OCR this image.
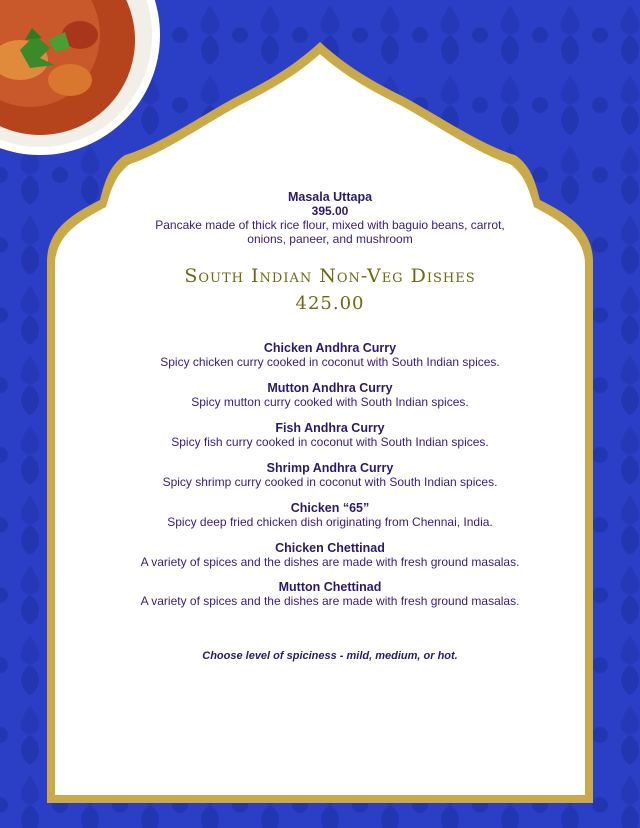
Masala Uttapa
395.00
Pancake made of thick rice flour, mixed with baguio beans, carrot,
onions, paneer, and mushroom
South Indian Non-Veg Dishes
425.00
Chicken Andhra Curry
Spicy chicken curry cooked in coconut with South Indian spices.
Mutton Andhra Curry
Spicy mutton curry cooked with South Indian spices.
Fish Andhra Curry
Spicy fish curry cooked in coconut with South Indian spices.
Shrimp Andhra Curry
Spicy shrimp curry cooked in coconut with South Indian spices.
Chicken “65”
Spicy deep fried chicken dish originating from Chennai, India.
Chicken Chettinad
A variety of spices and the dishes are made with fresh ground masalas.
Mutton Chettinad
A variety of spices and the dishes are made with fresh ground masalas.
Choose level of spiciness - mild, medium, or hot.
